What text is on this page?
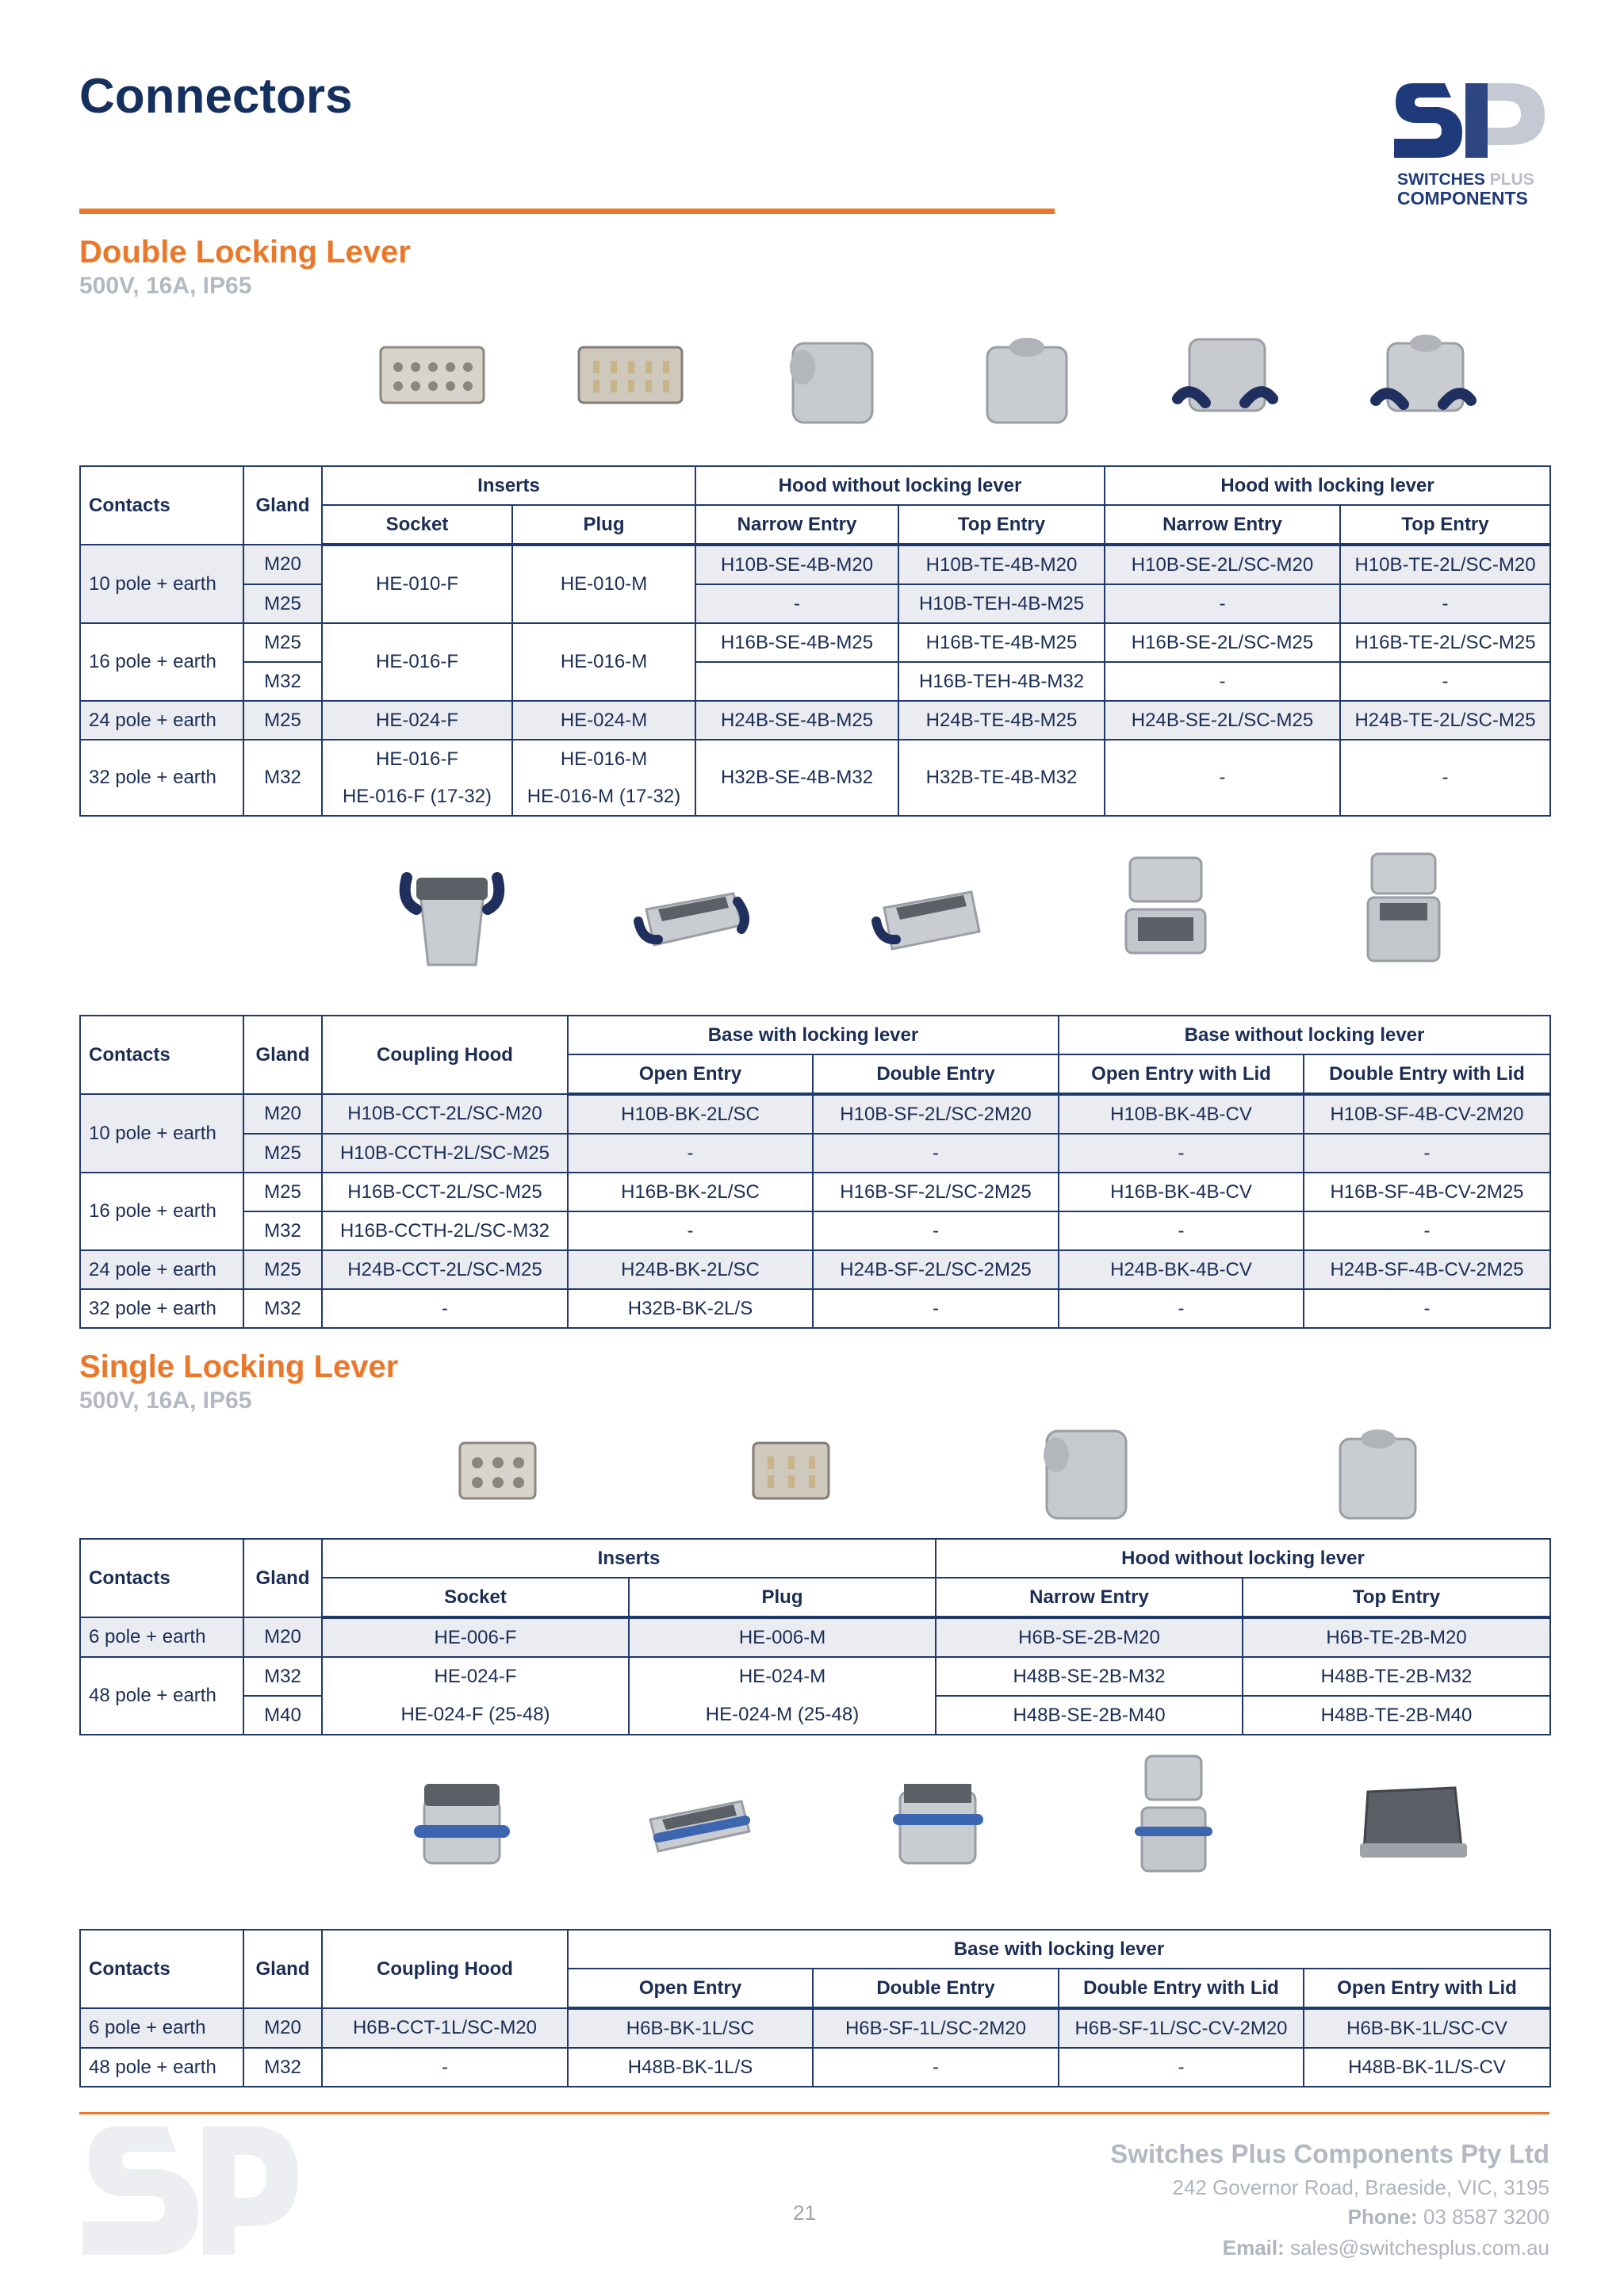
Connectors
SWITCHES PLUS
COMPONENTS
Double Locking Lever
500V, 16A, IP65
Contacts	Gland	Inserts		Hood without locking lever		Hood with locking lever	
		Socket	Plug	Narrow Entry	Top Entry	Narrow Entry	Top Entry
10 pole + earth	M20	HE-010-F	HE-010-M	H10B-SE-4B-M20	H10B-TE-4B-M20	H10B-SE-2L/SC-M20	H10B-TE-2L/SC-M20
	M25			-	H10B-TEH-4B-M25	-	-
16 pole + earth	M25	HE-016-F	HE-016-M	H16B-SE-4B-M25	H16B-TE-4B-M25	H16B-SE-2L/SC-M25	H16B-TE-2L/SC-M25
	M32				H16B-TEH-4B-M32	-	-
24 pole + earth	M25	HE-024-F	HE-024-M	H24B-SE-4B-M25	H24B-TE-4B-M25	H24B-SE-2L/SC-M25	H24B-TE-2L/SC-M25
32 pole + earth	M32	HE-016-F	HE-016-M	H32B-SE-4B-M32	H32B-TE-4B-M32	-	-
		HE-016-F (17-32)	HE-016-M (17-32)				
Contacts	Gland	Coupling Hood	Base with locking lever		Base without locking lever	
			Open Entry	Double Entry	Open Entry with Lid	Double Entry with Lid
10 pole + earth	M20	H10B-CCT-2L/SC-M20	H10B-BK-2L/SC	H10B-SF-2L/SC-2M20	H10B-BK-4B-CV	H10B-SF-4B-CV-2M20
	M25	H10B-CCTH-2L/SC-M25	-	-	-	-
16 pole + earth	M25	H16B-CCT-2L/SC-M25	H16B-BK-2L/SC	H16B-SF-2L/SC-2M25	H16B-BK-4B-CV	H16B-SF-4B-CV-2M25
	M32	H16B-CCTH-2L/SC-M32	-	-	-	-
24 pole + earth	M25	H24B-CCT-2L/SC-M25	H24B-BK-2L/SC	H24B-SF-2L/SC-2M25	H24B-BK-4B-CV	H24B-SF-4B-CV-2M25
32 pole + earth	M32	-	H32B-BK-2L/S	-	-	-
Single Locking Lever
500V, 16A, IP65
Contacts	Gland	Inserts		Hood without locking lever	
		Socket	Plug	Narrow Entry	Top Entry
6 pole + earth	M20	HE-006-F	HE-006-M	H6B-SE-2B-M20	H6B-TE-2B-M20
48 pole + earth	M32	HE-024-F	HE-024-M	H48B-SE-2B-M32	H48B-TE-2B-M32
	M40	HE-024-F (25-48)	HE-024-M (25-48)	H48B-SE-2B-M40	H48B-TE-2B-M40
Contacts	Gland	Coupling Hood	Base with locking lever			
			Open Entry	Double Entry	Double Entry with Lid	Open Entry with Lid
6 pole + earth	M20	H6B-CCT-1L/SC-M20	H6B-BK-1L/SC	H6B-SF-1L/SC-2M20	H6B-SF-1L/SC-CV-2M20	H6B-BK-1L/SC-CV
48 pole + earth	M32	-	H48B-BK-1L/S	-	-	H48B-BK-1L/S-CV
21
Switches Plus Components Pty Ltd
242 Governor Road, Braeside, VIC, 3195
Phone: 03 8587 3200
Email: sales@switchesplus.com.au
